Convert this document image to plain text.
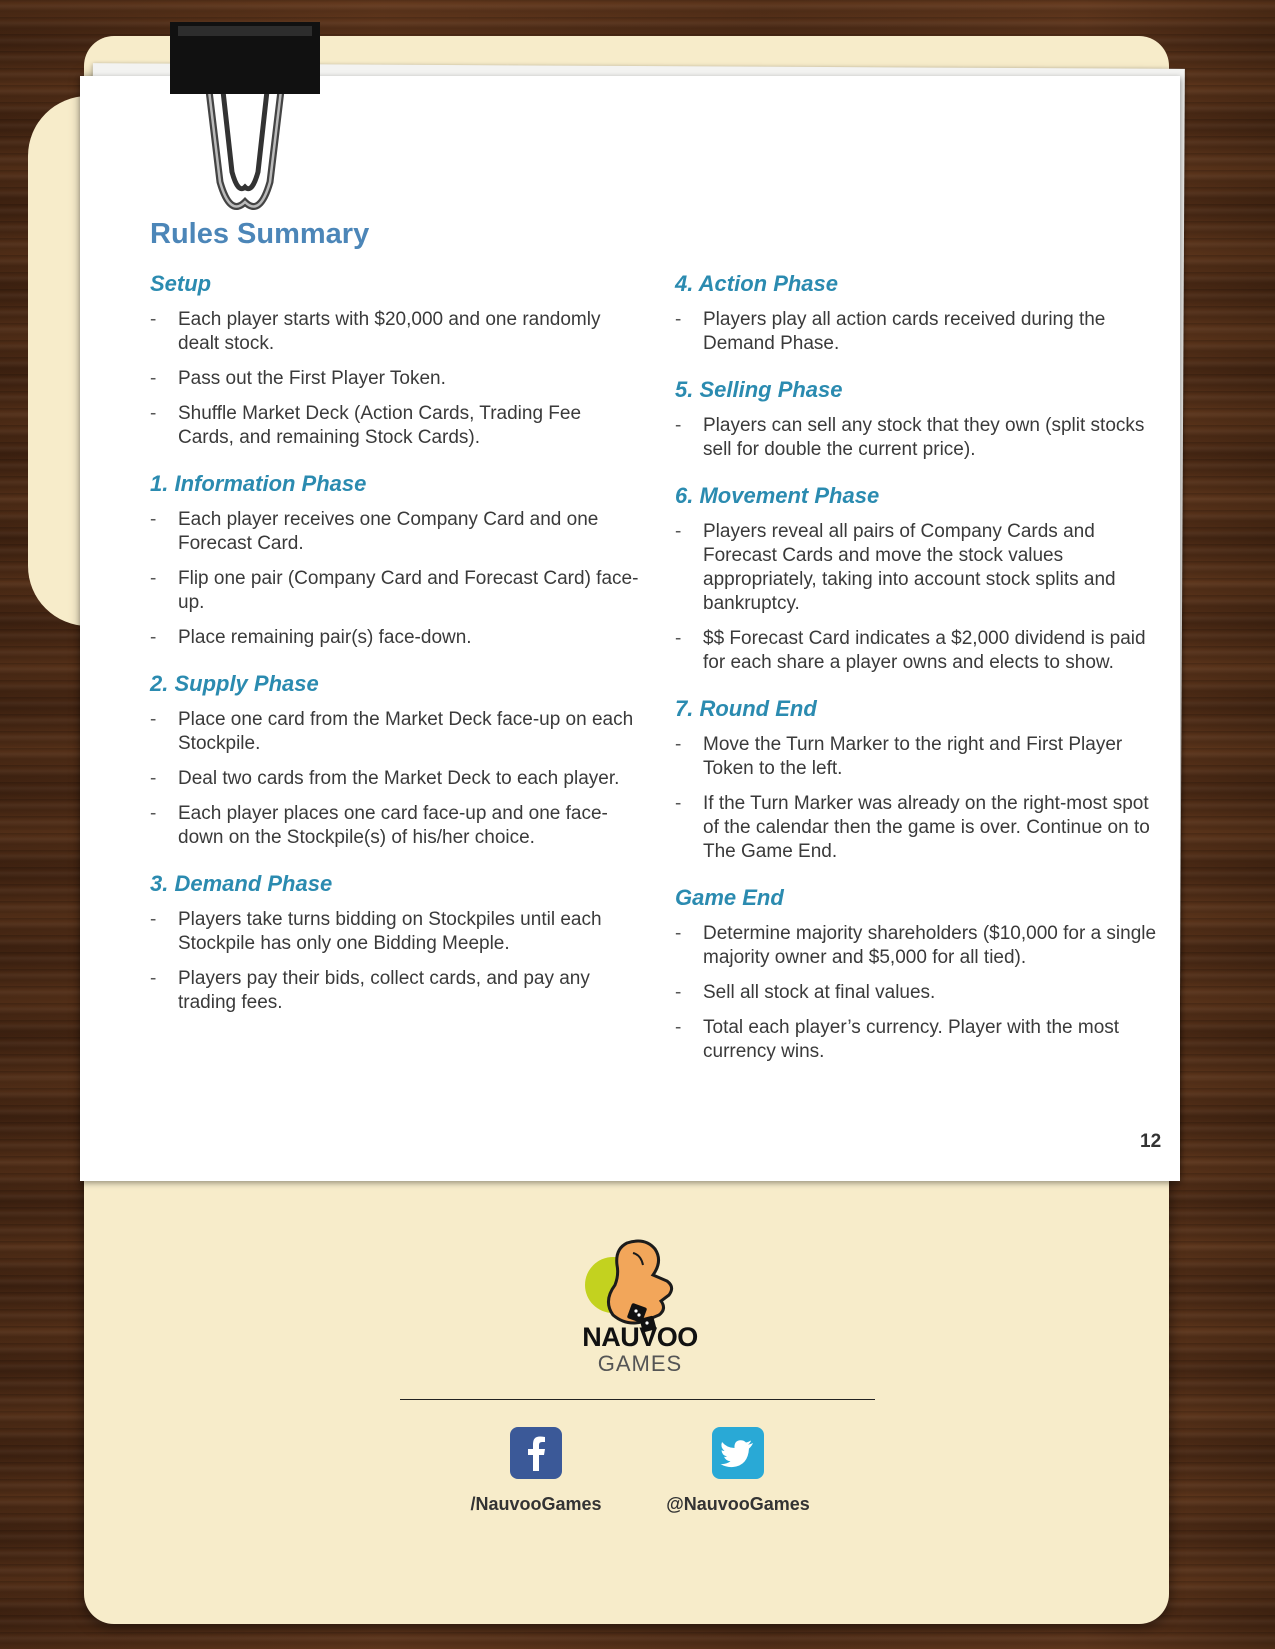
Rules Summary
Setup
- Each player starts with $20,000 and one randomly dealt stock.
- Pass out the First Player Token.
- Shuffle Market Deck (Action Cards, Trading Fee Cards, and remaining Stock Cards).
1. Information Phase
- Each player receives one Company Card and one Forecast Card.
- Flip one pair (Company Card and Forecast Card) face-up.
- Place remaining pair(s) face-down.
2. Supply Phase
- Place one card from the Market Deck face-up on each Stockpile.
- Deal two cards from the Market Deck to each player.
- Each player places one card face-up and one face-down on the Stockpile(s) of his/her choice.
3. Demand Phase
- Players take turns bidding on Stockpiles until each Stockpile has only one Bidding Meeple.
- Players pay their bids, collect cards, and pay any trading fees.
4. Action Phase
- Players play all action cards received during the Demand Phase.
5. Selling Phase
- Players can sell any stock that they own (split stocks sell for double the current price).
6. Movement Phase
- Players reveal all pairs of Company Cards and Forecast Cards and move the stock values appropriately, taking into account stock splits and bankruptcy.
- $$ Forecast Card indicates a $2,000 dividend is paid for each share a player owns and elects to show.
7. Round End
- Move the Turn Marker to the right and First Player Token to the left.
- If the Turn Marker was already on the right-most spot of the calendar then the game is over. Continue on to The Game End.
Game End
- Determine majority shareholders ($10,000 for a single majority owner and $5,000 for all tied).
- Sell all stock at final values.
- Total each player’s currency. Player with the most currency wins.
12
NAUVOO
GAMES
/NauvooGames	@NauvooGames
